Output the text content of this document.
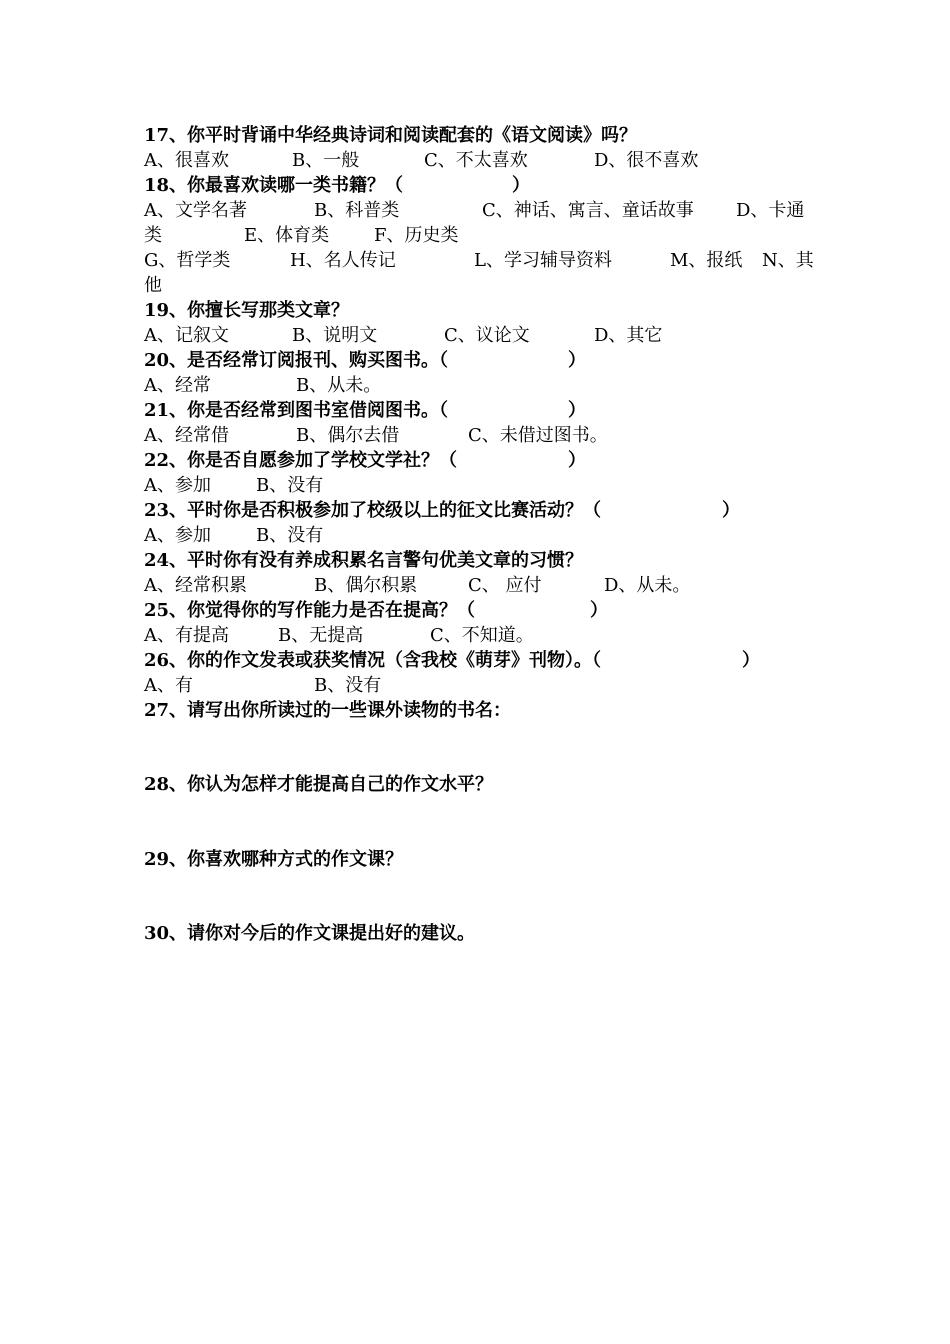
17、你平时背诵中华经典诗词和阅读配套的《语文阅读》吗？
A、很喜欢	B、一般	C、不太喜欢	D、很不喜欢
18、你最喜欢读哪一类书籍？（	）
A、文学名著	B、科普类	C、神话、寓言、童话故事 D、卡通
类	E、体育类 F、历史类
G、哲学类	H、名人传记	L、学习辅导资料	M、报纸 N、其
他
19、你擅长写那类文章？
A、记叙文	B、说明文	C、议论文	D、其它
20、是否经常订阅报刊、购买图书。（	）
A、经常	B、从未。
21、你是否经常到图书室借阅图书。（	）
A、经常借	B、偶尔去借	C、未借过图书。
22、你是否自愿参加了学校文学社？（	）
A、参加	B、没有
23、平时你是否积极参加了校级以上的征文比赛活动？（	）
A、参加	B、没有
24、平时你有没有养成积累名言警句优美文章的习惯？
A、经常积累	B、偶尔积累	C、 应付	D、从未。
25、你觉得你的写作能力是否在提高？（	）
A、有提高	B、无提高	C、不知道。
26、你的作文发表或获奖情况（含我校《萌芽》刊物）。（	）
A、有	B、没有
27、请写出你所读过的一些课外读物的书名：
28、你认为怎样才能提高自己的作文水平？
29、你喜欢哪种方式的作文课？
30、请你对今后的作文课提出好的建议。
